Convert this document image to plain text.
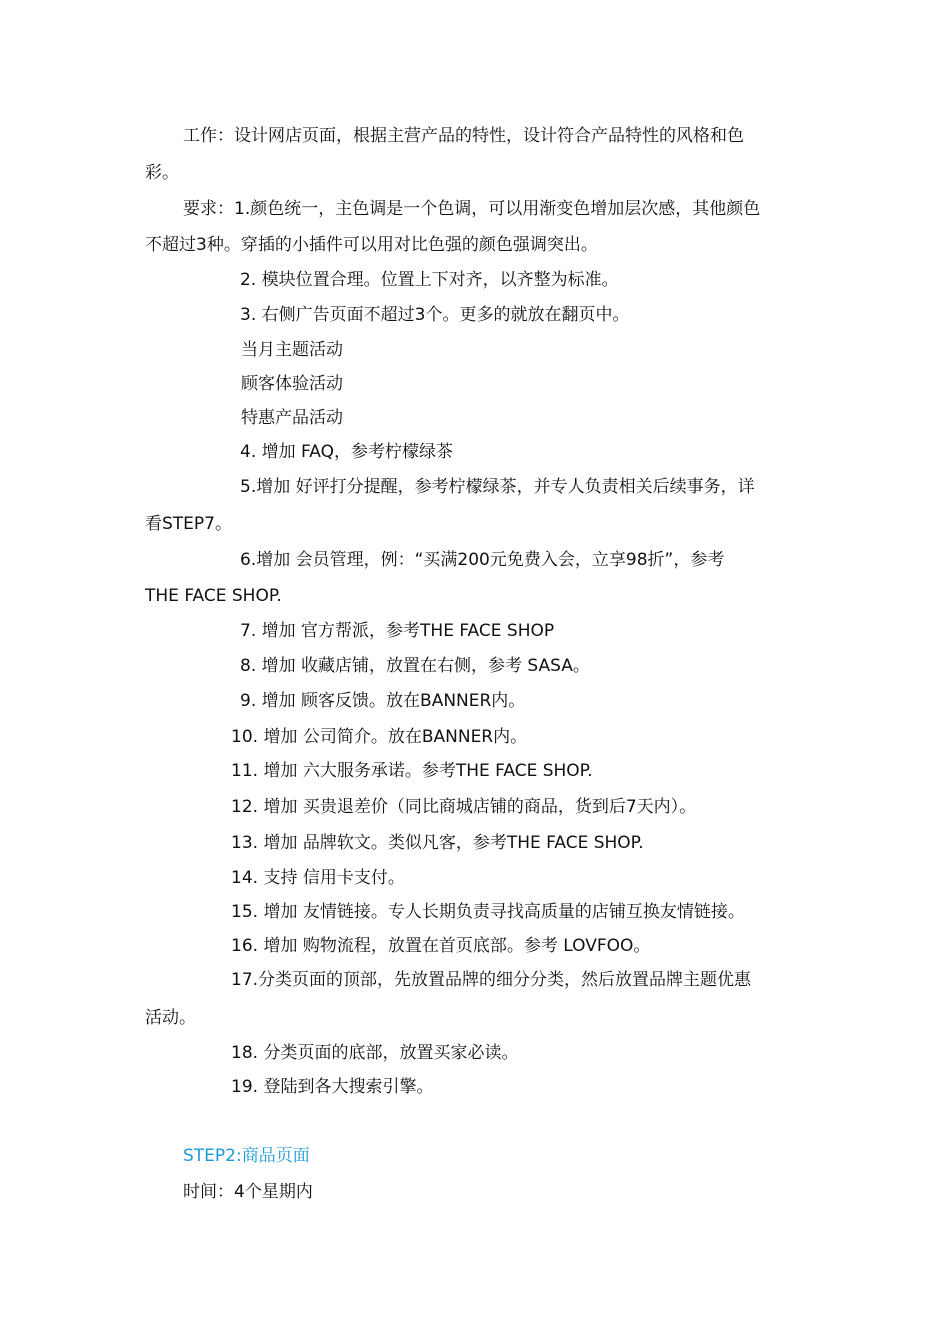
工作：设计网店页面，根据主营产品的特性，设计符合产品特性的风格和色
彩。
要求：1.颜色统一，主色调是一个色调，可以用渐变色增加层次感，其他颜色
不超过3种。穿插的小插件可以用对比色强的颜色强调突出。
2. 模块位置合理。位置上下对齐，以齐整为标准。
3. 右侧广告页面不超过3个。更多的就放在翻页中。
当月主题活动
顾客体验活动
特惠产品活动
4. 增加 FAQ，参考柠檬绿茶
5.增加 好评打分提醒，参考柠檬绿茶，并专人负责相关后续事务，详
看STEP7。
6.增加 会员管理，例：“买满200元免费入会，立享98折”，参考
THE FACE SHOP.
7. 增加 官方帮派，参考THE FACE SHOP
8. 增加 收藏店铺，放置在右侧，参考 SASA。
9. 增加 顾客反馈。放在BANNER内。
10. 增加 公司简介。放在BANNER内。
11. 增加 六大服务承诺。参考THE FACE SHOP.
12. 增加 买贵退差价（同比商城店铺的商品，货到后7天内）。
13. 增加 品牌软文。类似凡客，参考THE FACE SHOP.
14. 支持 信用卡支付。
15. 增加 友情链接。专人长期负责寻找高质量的店铺互换友情链接。
16. 增加 购物流程，放置在首页底部。参考 LOVFOO。
17.分类页面的顶部，先放置品牌的细分分类，然后放置品牌主题优惠
活动。
18. 分类页面的底部，放置买家必读。
19. 登陆到各大搜索引擎。
STEP2:商品页面
时间：4个星期内
